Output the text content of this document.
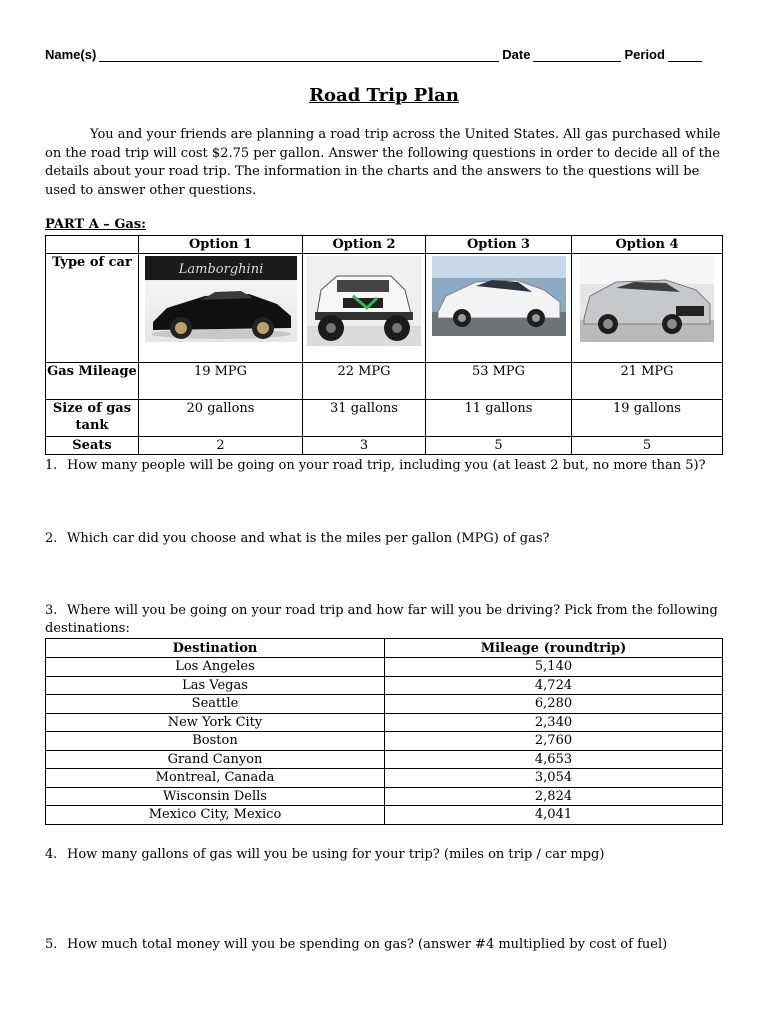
Name(s)	Date	Period
Road Trip Plan
You and your friends are planning a road trip across the United States. All gas purchased while on the road trip will cost $2.75 per gallon. Answer the following questions in order to decide all of the details about your road trip. The information in the charts and the answers to the questions will be used to answer other questions.
PART A – Gas:
	Option 1	Option 2	Option 3	Option 4
Type of car	Lamborghini

Gas Mileage	19 MPG	22 MPG	53 MPG	21 MPG
Size of gas tank	20 gallons	31 gallons	11 gallons	19 gallons
Seats	2	3	5	5
1. How many people will be going on your road trip, including you (at least 2 but, no more than 5)?
2. Which car did you choose and what is the miles per gallon (MPG) of gas?
3. Where will you be going on your road trip and how far will you be driving? Pick from the following destinations:
Destination	Mileage (roundtrip)
Los Angeles	5,140
Las Vegas	4,724
Seattle	6,280
New York City	2,340
Boston	2,760
Grand Canyon	4,653
Montreal, Canada	3,054
Wisconsin Dells	2,824
Mexico City, Mexico	4,041
4. How many gallons of gas will you be using for your trip? (miles on trip / car mpg)
5. How much total money will you be spending on gas? (answer #4 multiplied by cost of fuel)
